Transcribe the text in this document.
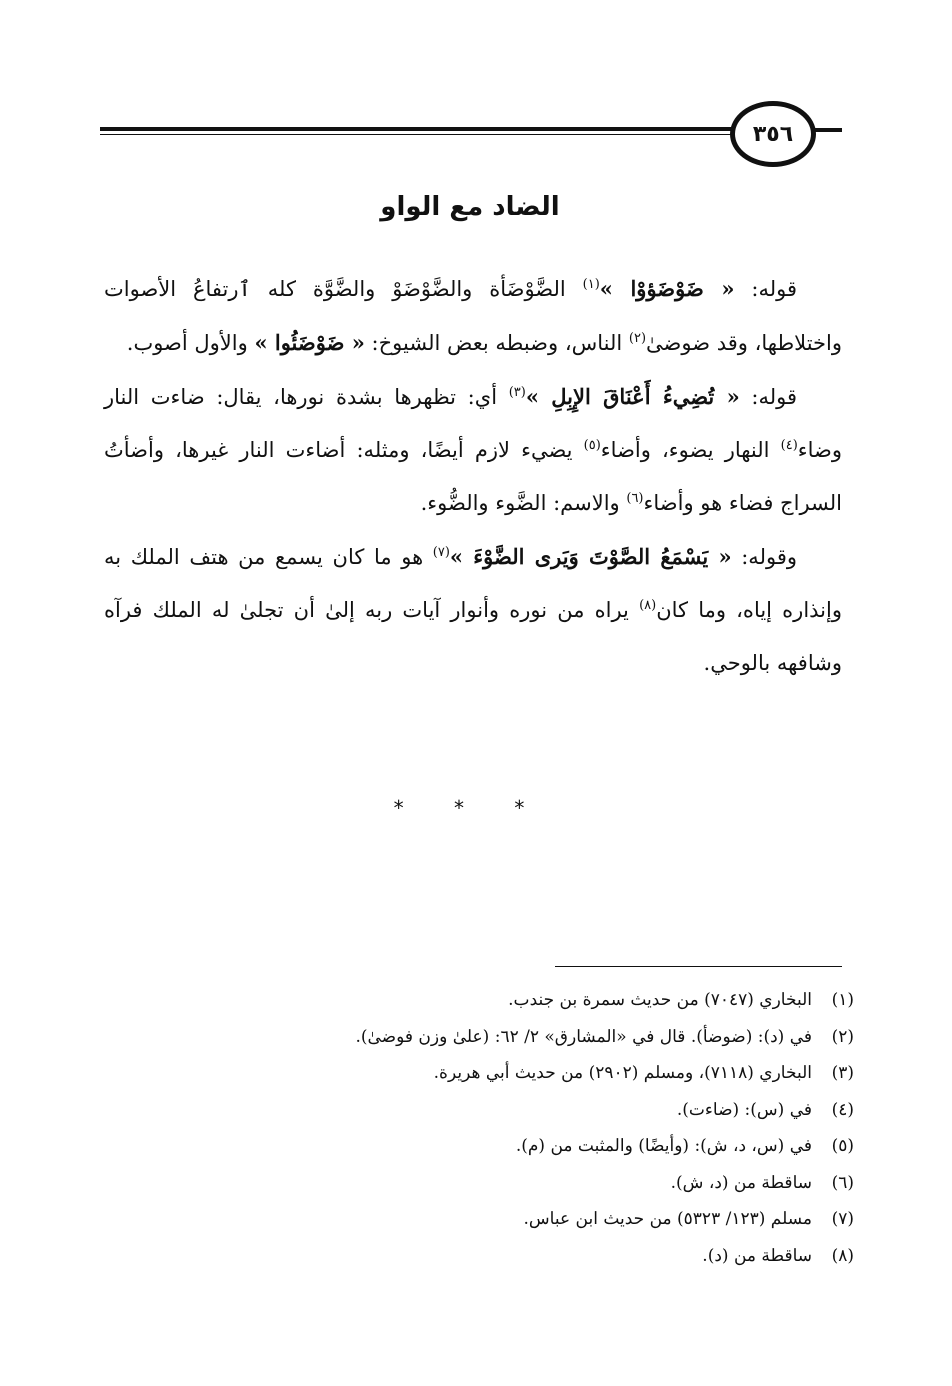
٣٥٦
الضاد مع الواو

قوله: « ضَوْضَؤوْا »$^{(١)}$ الضَّوْضَأة والضَّوْضَوْ والضَّوَّة كله ٱرتفاعُ الأصوات واختلاطها، وقد ضوضىٰ$^{(٢)}$ الناس، وضبطه بعض الشيوخ: « ضَوْضَئُوا » والأول أصوب.

قوله: « تُضِيءُ أَعْنَاقَ الإِبِلِ »$^{(٣)}$ أي: تظهرها بشدة نورها، يقال: ضاءت النار وضاء$^{(٤)}$ النهار يضوء، وأضاء$^{(٥)}$ يضيء لازم أيضًا، ومثله: أضاءت النار غيرها، وأضأتُ السراج فضاء هو وأضاء$^{(٦)}$ والاسم: الضَّوء والضُّوء.

وقوله: « يَسْمَعُ الصَّوْتَ وَيَرى الضَّوْءَ »$^{(٧)}$ هو ما كان يسمع من هتف الملك به وإنذاره إياه، وما كان$^{(٨)}$ يراه من نوره وأنوار آيات ربه إلىٰ أن تجلىٰ له الملك فرآه وشافهه بالوحي.

* * *
(١)البخاري (٧٠٤٧) من حديث سمرة بن جندب.
(٢)في (د): (ضوضأ). قال في «المشارق» ٢/ ٦٢: (علىٰ وزن فوضىٰ).
(٣)البخاري (٧١١٨)، ومسلم (٢٩٠٢) من حديث أبي هريرة.
(٤)في (س): (ضاءت).
(٥)في (س، د، ش): (وأيضًا) والمثبت من (م).
(٦)ساقطة من (د، ش).
(٧)مسلم (١٢٣/ ٥٣٢٣) من حديث ابن عباس.
(٨)ساقطة من (د).
